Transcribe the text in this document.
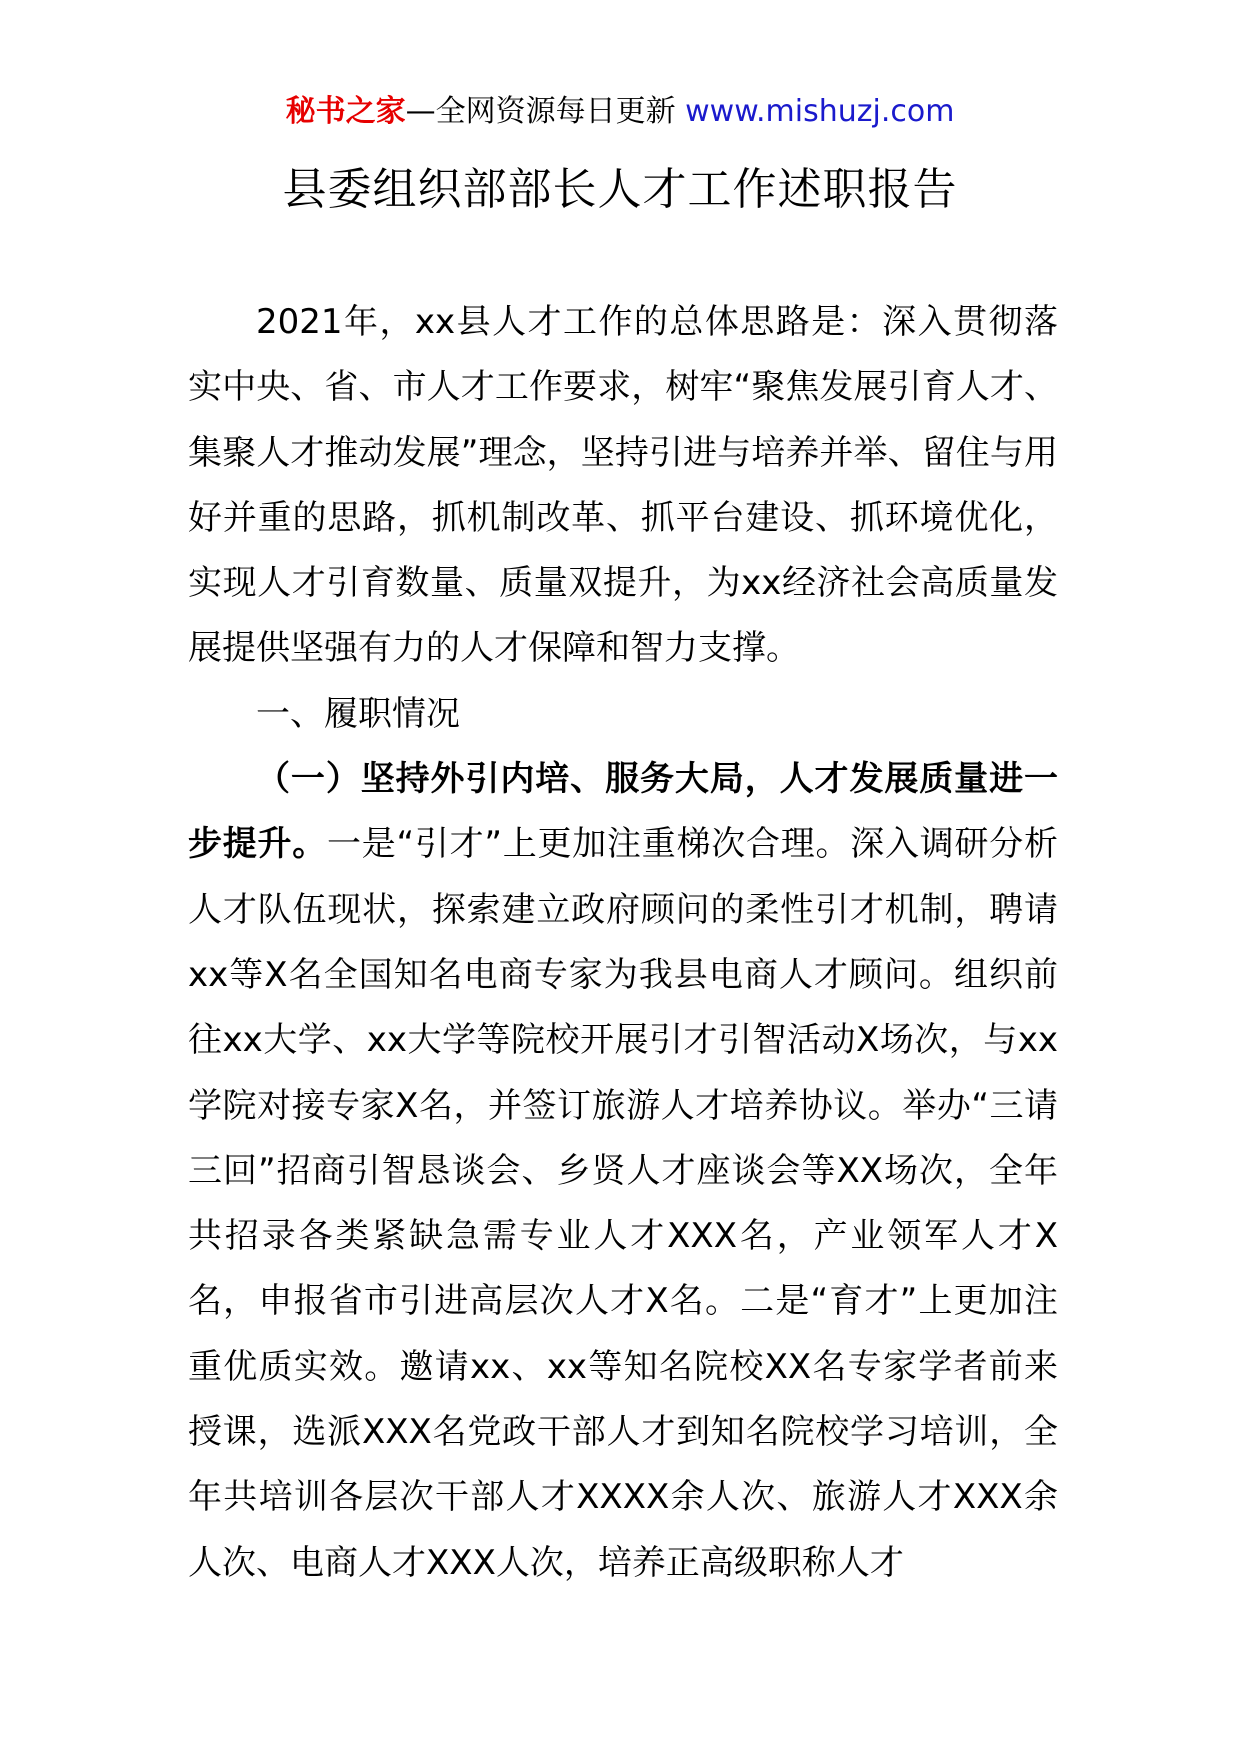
秘书之家—全网资源每日更新 www.mishuzj.com
县委组织部部长人才工作述职报告

2021年，xx县人才工作的总体思路是：深入贯彻落实中央、省、市人才工作要求，树牢“聚焦发展引育人才、集聚人才推动发展”理念，坚持引进与培养并举、留住与用好并重的思路，抓机制改革、抓平台建设、抓环境优化，实现人才引育数量、质量双提升，为xx经济社会高质量发展提供坚强有力的人才保障和智力支撑。

一、履职情况

（一）坚持外引内培、服务大局，人才发展质量进一步提升。一是“引才”上更加注重梯次合理。深入调研分析人才队伍现状，探索建立政府顾问的柔性引才机制，聘请xx等X名全国知名电商专家为我县电商人才顾问。组织前往xx大学、xx大学等院校开展引才引智活动X场次，与xx学院对接专家X名，并签订旅游人才培养协议。举办“三请三回”招商引智恳谈会、乡贤人才座谈会等XX场次，全年共招录各类紧缺急需专业人才XXX名，产业领军人才X名，申报省市引进高层次人才X名。二是“育才”上更加注重优质实效。邀请xx、xx等知名院校XX名专家学者前来授课，选派XXX名党政干部人才到知名院校学习培训，全年共培训各层次干部人才XXXX余人次、旅游人才XXX余人次、电商人才XXX人次，培养正高级职称人才
